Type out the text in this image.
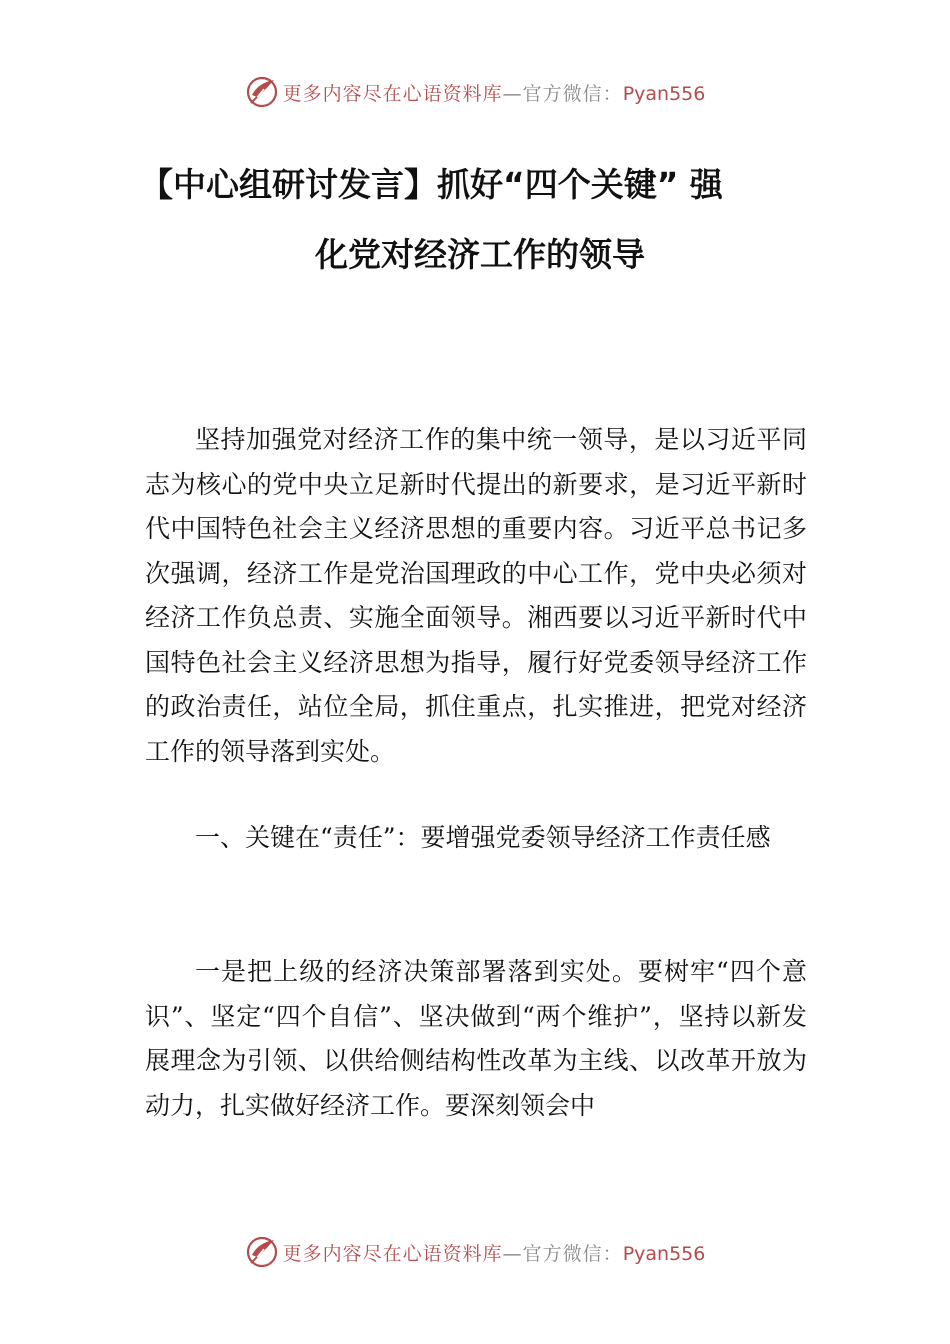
更多内容尽在心语资料库—官方微信：Pyan556
【中心组研讨发言】抓好“四个关键” 强
化党对经济工作的领导

坚持加强党对经济工作的集中统一领导，是以习近平同志为核心的党中央立足新时代提出的新要求，是习近平新时代中国特色社会主义经济思想的重要内容。习近平总书记多次强调，经济工作是党治国理政的中心工作，党中央必须对经济工作负总责、实施全面领导。湘西要以习近平新时代中国特色社会主义经济思想为指导，履行好党委领导经济工作的政治责任，站位全局，抓住重点，扎实推进，把党对经济工作的领导落到实处。

一、关键在“责任”：要增强党委领导经济工作责任感

一是把上级的经济决策部署落到实处。要树牢“四个意识”、坚定“四个自信”、坚决做到“两个维护”，坚持以新发展理念为引领、以供给侧结构性改革为主线、以改革开放为动力，扎实做好经济工作。要深刻领会中

更多内容尽在心语资料库—官方微信：Pyan556
